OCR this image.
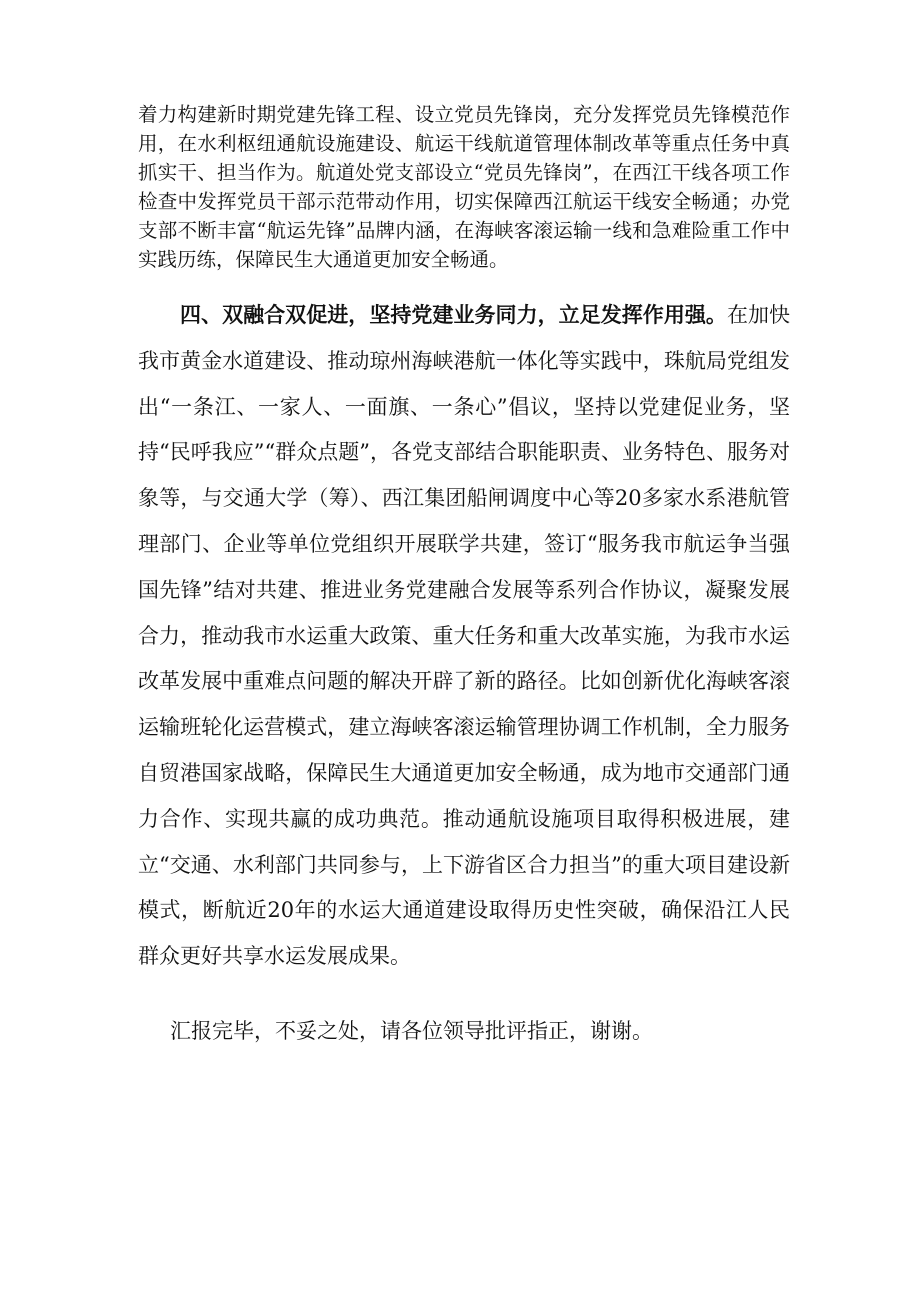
着力构建新时期党建先锋工程、设立党员先锋岗，充分发挥党员先锋模范作用，在水利枢纽通航设施建设、航运干线航道管理体制改革等重点任务中真抓实干、担当作为。航道处党支部设立“党员先锋岗”，在西江干线各项工作检查中发挥党员干部示范带动作用，切实保障西江航运干线安全畅通；办党支部不断丰富“航运先锋”品牌内涵，在海峡客滚运输一线和急难险重工作中实践历练，保障民生大通道更加安全畅通。

四、双融合双促进，坚持党建业务同力，立足发挥作用强。在加快我市黄金水道建设、推动琼州海峡港航一体化等实践中，珠航局党组发出“一条江、一家人、一面旗、一条心”倡议，坚持以党建促业务，坚持“民呼我应”“群众点题”，各党支部结合职能职责、业务特色、服务对象等，与交通大学（筹）、西江集团船闸调度中心等20多家水系港航管理部门、企业等单位党组织开展联学共建，签订“服务我市航运争当强国先锋”结对共建、推进业务党建融合发展等系列合作协议，凝聚发展合力，推动我市水运重大政策、重大任务和重大改革实施，为我市水运改革发展中重难点问题的解决开辟了新的路径。比如创新优化海峡客滚运输班轮化运营模式，建立海峡客滚运输管理协调工作机制，全力服务自贸港国家战略，保障民生大通道更加安全畅通，成为地市交通部门通力合作、实现共赢的成功典范。推动通航设施项目取得积极进展，建立“交通、水利部门共同参与，上下游省区合力担当”的重大项目建设新模式，断航近20年的水运大通道建设取得历史性突破，确保沿江人民群众更好共享水运发展成果。

汇报完毕，不妥之处，请各位领导批评指正，谢谢。
